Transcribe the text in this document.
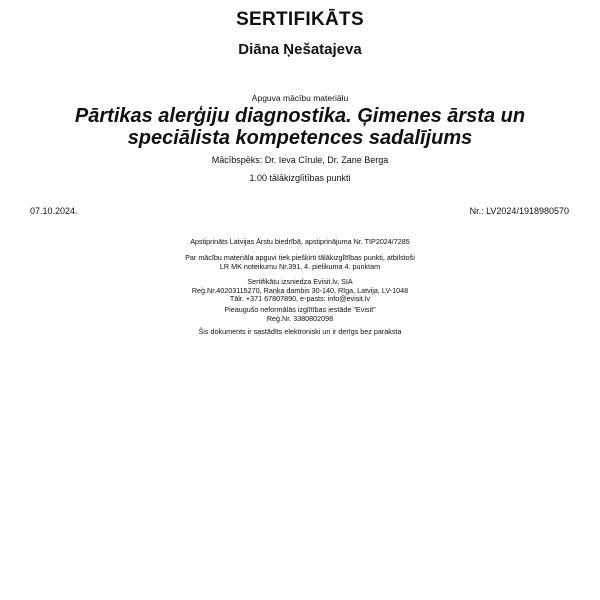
SERTIFIKĀTS
Diāna Ņešatajeva
Apguva mācību materiālu
Pārtikas alerģiju diagnostika. Ģimenes ārsta un speciālista kompetences sadalījums
Mācībspēks: Dr. Ieva Cīrule, Dr. Zane Berga
1.00 tālākizglītības punkti
07.10.2024.	Nr.: LV2024/1918980570
Apstiprināts Latvijas Ārstu biedrībā, apstiprinājuma Nr. TIP2024/7285
Par mācību materiāla apguvi tiek piešķirti tālākizglītības punkti, atbilstoši
LR MK noteikumu Nr.391, 4. pielikuma 4. punktam
Sertifikātu izsniedza Evisit.lv, SIA
Reģ.Nr.40203115270, Raņķa dambis 30-140, Rīga, Latvija, LV-1048
Tālr. +371 67807890, e-pasts: info@evisit.lv
Pieaugušo neformālās izglītības iestāde "Evisit"
Reģ.Nr. 3380802098
Šis dokuments ir sastādīts elektroniski un ir derīgs bez paraksta
